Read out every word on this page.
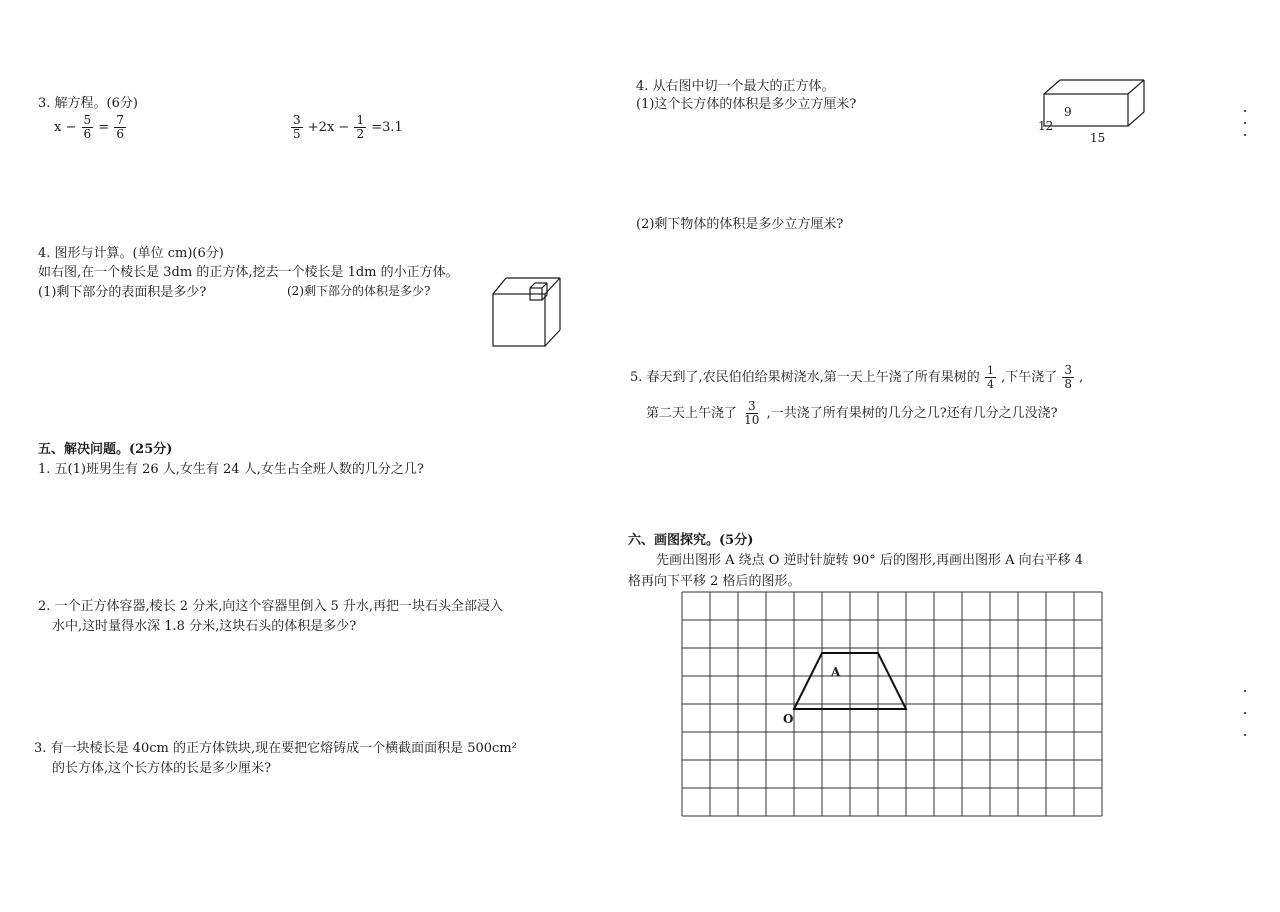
3. 解方程。(6分)
$x - \frac{5}{6} = \frac{7}{6}$	$\frac{3}{5} +2x - \frac{1}{2} =3.1$
4. 图形与计算。(单位 cm)(6分)
如右图,在一个棱长是 3dm 的正方体,挖去一个棱长是 1dm 的小正方体。
(1)剩下部分的表面积是多少?	(2)剩下部分的体积是多少?
五、解决问题。(25分)
1. 五(1)班男生有 26 人,女生有 24 人,女生占全班人数的几分之几?
2. 一个正方体容器,棱长 2 分米,向这个容器里倒入 5 升水,再把一块石头全部浸入
水中,这时量得水深 1.8 分米,这块石头的体积是多少?
3. 有一块棱长是 40cm 的正方体铁块,现在要把它熔铸成一个横截面面积是 500cm²
的长方体,这个长方体的长是多少厘米?
4. 从右图中切一个最大的正方体。
(1)这个长方体的体积是多少立方厘米?
(2)剩下物体的体积是多少立方厘米?
9
12
15
5. 春天到了,农民伯伯给果树浇水,第一天上午浇了所有果树的 $\frac{1}{4}$ ,下午浇了 $\frac{3}{8}$ ,
第二天上午浇了 $\frac{3}{10}$ ,一共浇了所有果树的几分之几?还有几分之几没浇?
六、画图探究。(5分)
先画出图形 A 绕点 O 逆时针旋转 90° 后的图形,再画出图形 A 向右平移 4
格再向下平移 2 格后的图形。
A
O
